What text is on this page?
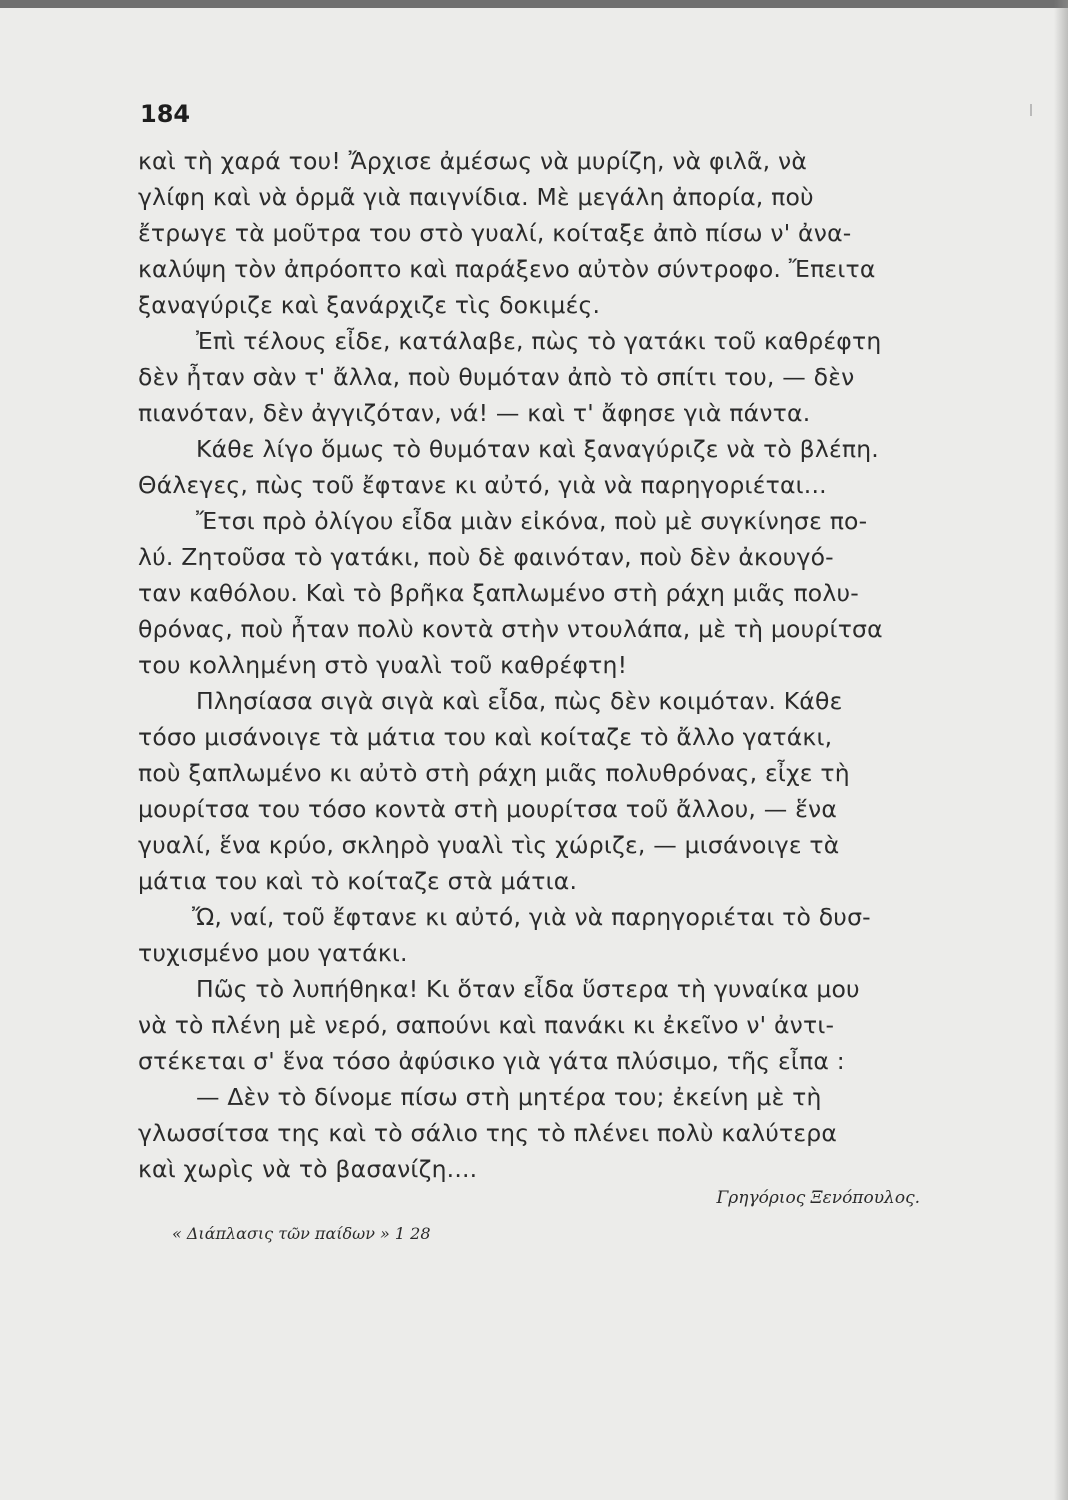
184
καὶ τὴ χαρά του! Ἄρχισε ἀμέσως νὰ μυρίζη, νὰ φιλᾶ, νὰ
γλίφη καὶ νὰ ὁρμᾶ γιὰ παιγνίδια. Μὲ μεγάλη ἀπορία, ποὺ
ἔτρωγε τὰ μοῦτρα του στὸ γυαλί, κοίταξε ἀπὸ πίσω ν' ἀνα-
καλύψη τὸν ἀπρόοπτο καὶ παράξενο αὐτὸν σύντροφο. Ἔπειτα
ξαναγύριζε καὶ ξανάρχιζε τὶς δοκιμές.
Ἐπὶ τέλους εἶδε, κατάλαβε, πὼς τὸ γατάκι τοῦ καθρέφτη
δὲν ἦταν σὰν τ' ἄλλα, ποὺ θυμόταν ἀπὸ τὸ σπίτι του, — δὲν
πιανόταν, δὲν ἀγγιζόταν, νά! — καὶ τ' ἄφησε γιὰ πάντα.
Κάθε λίγο ὅμως τὸ θυμόταν καὶ ξαναγύριζε νὰ τὸ βλέπη.
Θάλεγες, πὼς τοῦ ἔφτανε κι αὐτό, γιὰ νὰ παρηγοριέται...
Ἔτσι πρὸ ὀλίγου εἶδα μιὰν εἰκόνα, ποὺ μὲ συγκίνησε πο-
λύ. Ζητοῦσα τὸ γατάκι, ποὺ δὲ φαινόταν, ποὺ δὲν ἀκουγό-
ταν καθόλου. Καὶ τὸ βρῆκα ξαπλωμένο στὴ ράχη μιᾶς πολυ-
θρόνας, ποὺ ἦταν πολὺ κοντὰ στὴν ντουλάπα, μὲ τὴ μουρίτσα
του κολλημένη στὸ γυαλὶ τοῦ καθρέφτη!
Πλησίασα σιγὰ σιγὰ καὶ εἶδα, πὼς δὲν κοιμόταν. Κάθε
τόσο μισάνοιγε τὰ μάτια του καὶ κοίταζε τὸ ἄλλο γατάκι,
ποὺ ξαπλωμένο κι αὐτὸ στὴ ράχη μιᾶς πολυθρόνας, εἶχε τὴ
μουρίτσα του τόσο κοντὰ στὴ μουρίτσα τοῦ ἄλλου, — ἕνα
γυαλί, ἕνα κρύο, σκληρὸ γυαλὶ τὶς χώριζε, — μισάνοιγε τὰ
μάτια του καὶ τὸ κοίταζε στὰ μάτια.
Ὤ, ναί, τοῦ ἔφτανε κι αὐτό, γιὰ νὰ παρηγοριέται τὸ δυσ-
τυχισμένο μου γατάκι.
Πῶς τὸ λυπήθηκα! Κι ὅταν εἶδα ὕστερα τὴ γυναίκα μου
νὰ τὸ πλένη μὲ νερό, σαπούνι καὶ πανάκι κι ἐκεῖνο ν' ἀντι-
στέκεται σ' ἕνα τόσο ἀφύσικο γιὰ γάτα πλύσιμο, τῆς εἶπα :
— Δὲν τὸ δίνομε πίσω στὴ μητέρα του; ἐκείνη μὲ τὴ
γλωσσίτσα της καὶ τὸ σάλιο της τὸ πλένει πολὺ καλύτερα
καὶ χωρὶς νὰ τὸ βασανίζη....
Γρηγόριος Ξενόπουλος.
« Διάπλασις τῶν παίδων » 1 28
